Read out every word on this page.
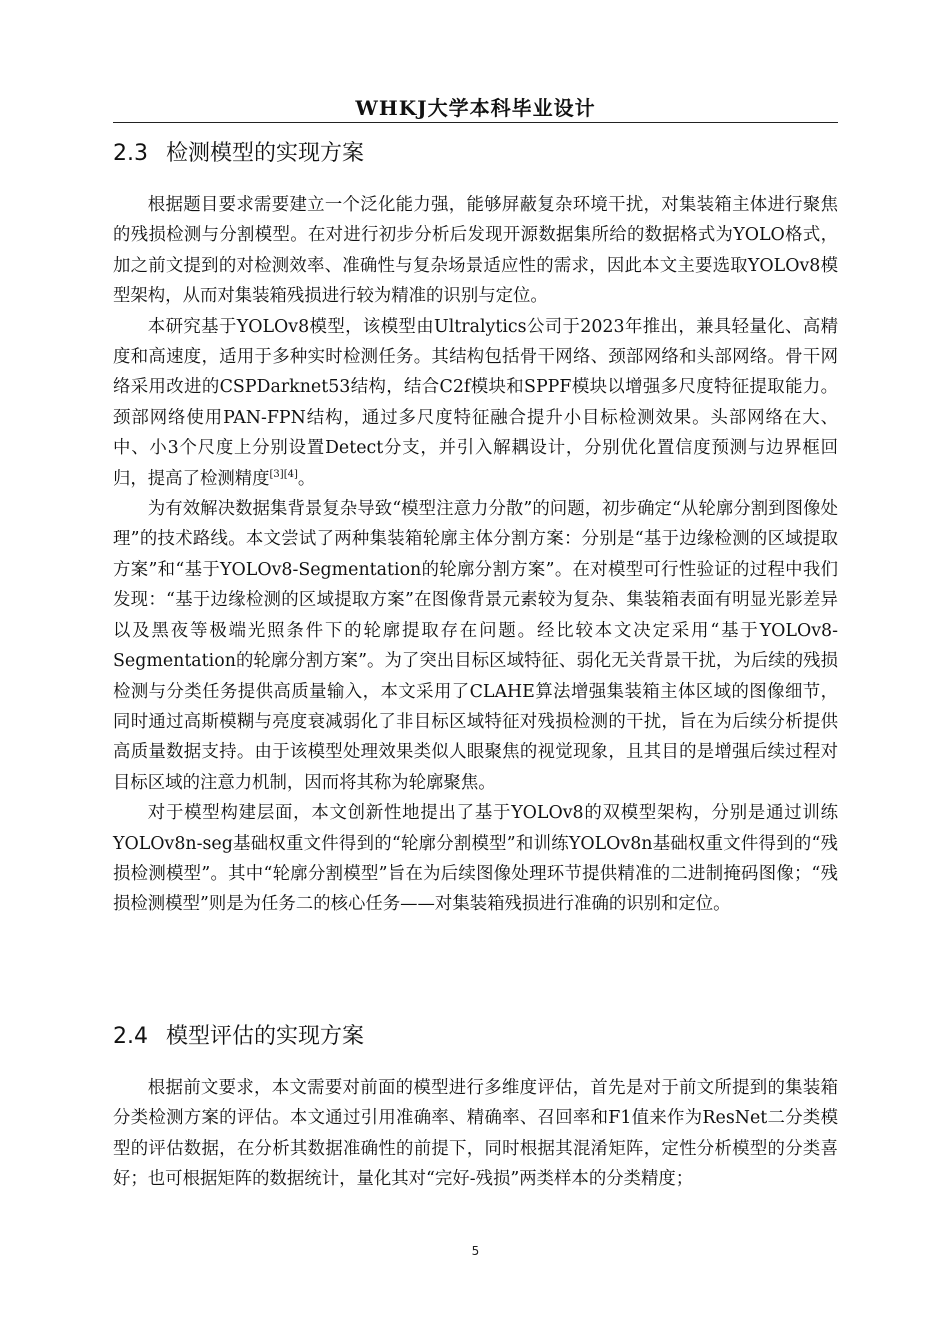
WHKJ大学本科毕业设计
2.3 检测模型的实现方案

根据题目要求需要建立一个泛化能力强，能够屏蔽复杂环境干扰，对集装箱主体进行聚焦的残损检测与分割模型。在对进行初步分析后发现开源数据集所给的数据格式为YOLO格式，加之前文提到的对检测效率、准确性与复杂场景适应性的需求，因此本文主要选取YOLOv8模型架构，从而对集装箱残损进行较为精准的识别与定位。

本研究基于YOLOv8模型，该模型由Ultralytics公司于2023年推出，兼具轻量化、高精度和高速度，适用于多种实时检测任务。其结构包括骨干网络、颈部网络和头部网络。骨干网络采用改进的CSPDarknet53结构，结合C2f模块和SPPF模块以增强多尺度特征提取能力。颈部网络使用PAN-FPN结构，通过多尺度特征融合提升小目标检测效果。头部网络在大、中、小3个尺度上分别设置Detect分支，并引入解耦设计，分别优化置信度预测与边界框回归，提高了检测精度[3][4]。

为有效解决数据集背景复杂导致“模型注意力分散”的问题，初步确定“从轮廓分割到图像处理”的技术路线。本文尝试了两种集装箱轮廓主体分割方案：分别是“基于边缘检测的区域提取方案”和“基于YOLOv8-Segmentation的轮廓分割方案”。在对模型可行性验证的过程中我们发现：“基于边缘检测的区域提取方案”在图像背景元素较为复杂、集装箱表面有明显光影差异以及黑夜等极端光照条件下的轮廓提取存在问题。经比较本文决定采用“基于YOLOv8-Segmentation的轮廓分割方案”。为了突出目标区域特征、弱化无关背景干扰，为后续的残损检测与分类任务提供高质量输入，本文采用了CLAHE算法增强集装箱主体区域的图像细节，同时通过高斯模糊与亮度衰减弱化了非目标区域特征对残损检测的干扰，旨在为后续分析提供高质量数据支持。由于该模型处理效果类似人眼聚焦的视觉现象，且其目的是增强后续过程对目标区域的注意力机制，因而将其称为轮廓聚焦。

对于模型构建层面，本文创新性地提出了基于YOLOv8的双模型架构，分别是通过训练YOLOv8n-seg基础权重文件得到的“轮廓分割模型”和训练YOLOv8n基础权重文件得到的“残损检测模型”。其中“轮廓分割模型”旨在为后续图像处理环节提供精准的二进制掩码图像；“残损检测模型”则是为任务二的核心任务——对集装箱残损进行准确的识别和定位。

2.4 模型评估的实现方案

根据前文要求，本文需要对前面的模型进行多维度评估，首先是对于前文所提到的集装箱分类检测方案的评估。本文通过引用准确率、精确率、召回率和F1值来作为ResNet二分类模型的评估数据，在分析其数据准确性的前提下，同时根据其混淆矩阵，定性分析模型的分类喜好；也可根据矩阵的数据统计，量化其对“完好-残损”两类样本的分类精度；

5
